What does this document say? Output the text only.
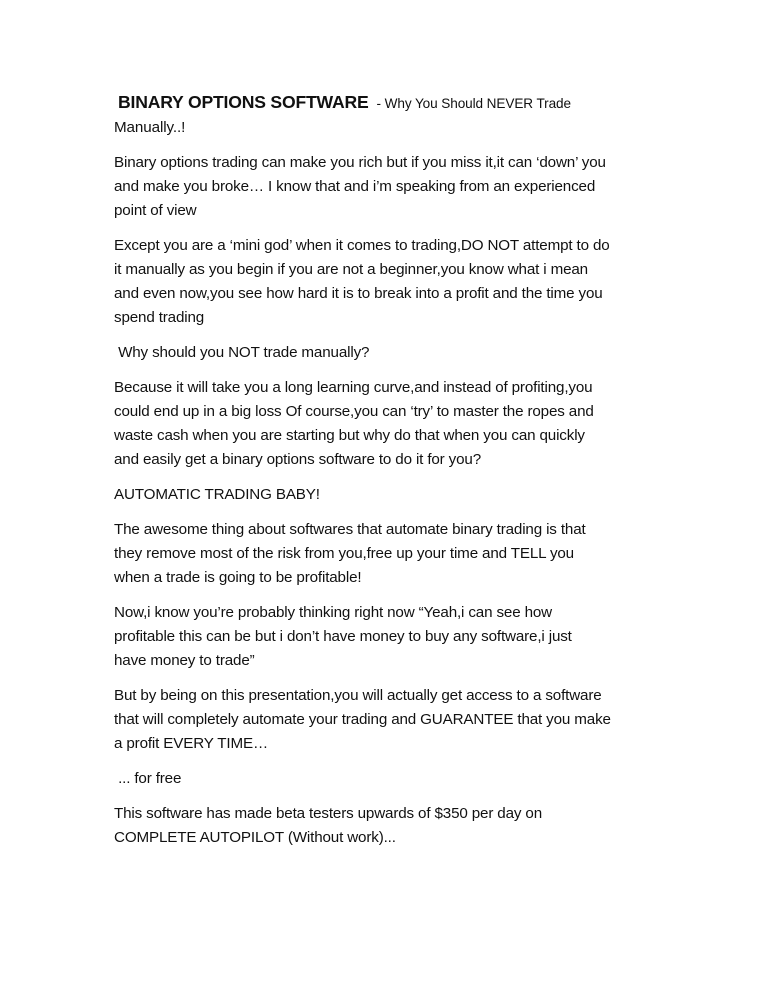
BINARY OPTIONS SOFTWARE - Why You Should NEVER Trade
Manually..!

Binary options trading can make you rich but if you miss it,it can ‘down’ you

and make you broke… I know that and i’m speaking from an experienced

point of view

Except you are a ‘mini god’ when it comes to trading,DO NOT attempt to do

it manually as you begin if you are not a beginner,you know what i mean

and even now,you see how hard it is to break into a profit and the time you

spend trading

Why should you NOT trade manually?

Because it will take you a long learning curve,and instead of profiting,you

could end up in a big loss Of course,you can ‘try’ to master the ropes and

waste cash when you are starting but why do that when you can quickly

and easily get a binary options software to do it for you?

AUTOMATIC TRADING BABY!

The awesome thing about softwares that automate binary trading is that

they remove most of the risk from you,free up your time and TELL you

when a trade is going to be profitable!

Now,i know you’re probably thinking right now “Yeah,i can see how

profitable this can be but i don’t have money to buy any software,i just

have money to trade”

But by being on this presentation,you will actually get access to a software

that will completely automate your trading and GUARANTEE that you make

a profit EVERY TIME…

... for free

This software has made beta testers upwards of $350 per day on

COMPLETE AUTOPILOT (Without work)...
